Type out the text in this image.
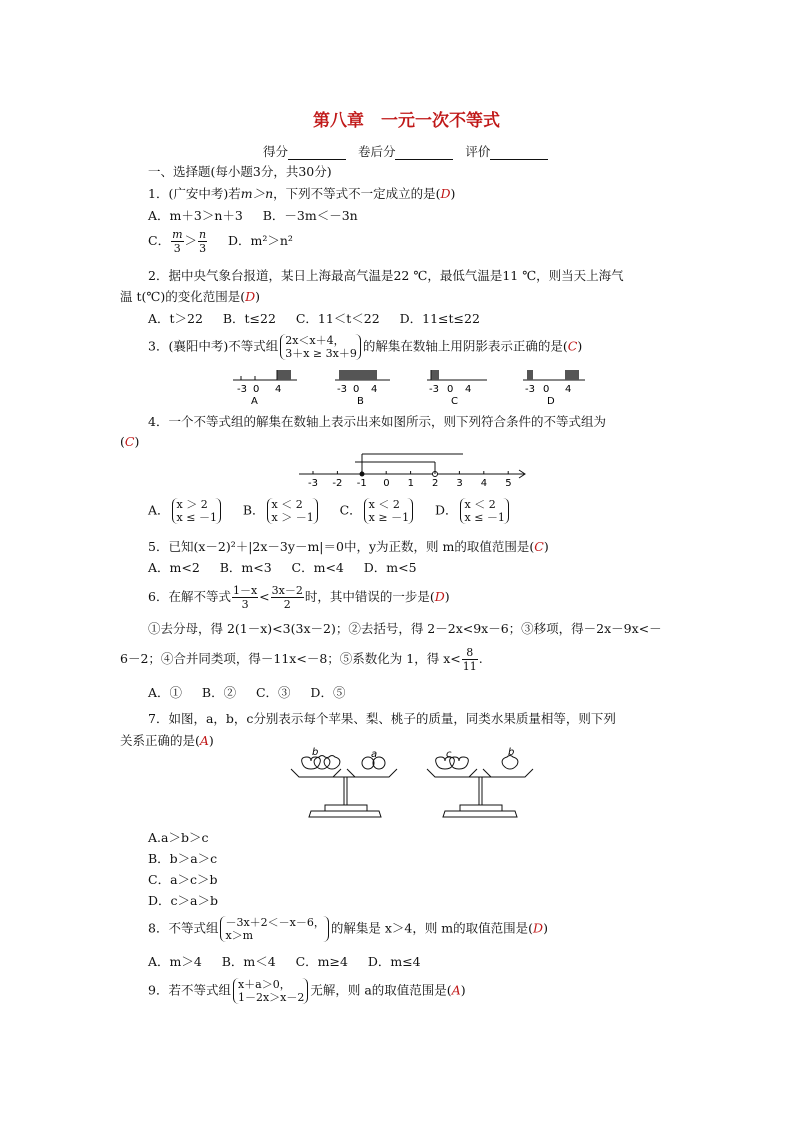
第八章　一元一次不等式
得分	卷后分	评价
一、选择题(每小题3分，共30分)
1．(广安中考)若m＞n，下列不等式不一定成立的是(D)
A．m＋3＞n＋3 B．－3m＜－3n
C． $\frac{m}{3} > \frac{n}{3}$ D．m²＞n²
2．据中央气象台报道，某日上海最高气温是22 ℃，最低气温是11 ℃，则当天上海气
温 t(℃)的变化范围是(D)
A．t＞22 B．t≤22 C．11＜t＜22 D．11≤t≤22
3．(襄阳中考)不等式组 2x＜x＋4，
3＋x ≥ 3x＋9 的解集在数轴上用阴影表示正确的是(C)
-3 0 4
A
-3 0 4
B
-3 0 4
C
-3 0 4
D
4．一个不等式组的解集在数轴上表示出来如图所示，则下列符合条件的不等式组为
(C)
-3 -2 -1 0 1 2 3 4 5
A． x ＞ 2
x ≤ －1 B． x ＜ 2
x ＞ －1 C． x ＜ 2
x ≥ －1 D． x ＜ 2
x ≤ －1
5．已知(x－2)²＋|2x－3y－m|＝0中，y为正数，则 m的取值范围是(C)
A．m<2 B．m<3 C．m<4 D．m<5
6．在解不等式 $\frac{1-x}{3} < \frac{3x-2}{2}$ 时，其中错误的一步是(D)
①去分母，得 2(1－x)<3(3x－2)；②去括号，得 2－2x<9x－6；③移项，得－2x－9x<－
6－2；④合并同类项，得－11x<－8；⑤系数化为 1，得 $x< \frac{8}{11}$ .
A．① B．② C．③ D．⑤
7．如图，a，b，c分别表示每个苹果、梨、桃子的质量，同类水果质量相等，则下列
关系正确的是(A)
b	a	c	b
A.a＞b＞c
B．b＞a＞c
C．a＞c＞b
D．c＞a＞b
8．不等式组 －3x＋2＜－x－6，
x＞m	的解集是 x＞4，则 m的取值范围是(D)
A．m＞4 B．m＜4 C．m≥4 D．m≤4
9．若不等式组 x＋a＞0，
1－2x＞x－2 无解，则 a的取值范围是(A)
